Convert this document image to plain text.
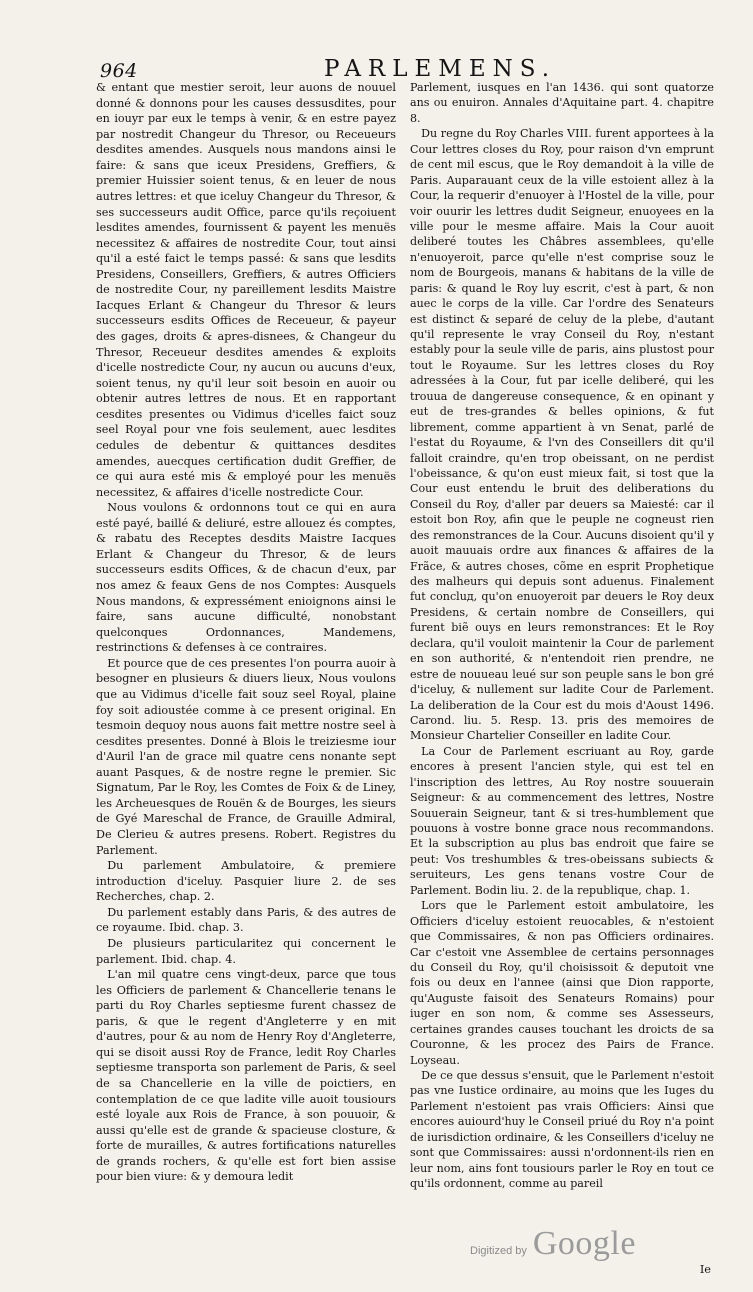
964	PARLEMENS.

& entant que mestier seroit, leur auons de nouuel donné & donnons pour les causes dessusdites, pour en iouyr par eux le temps à venir, & en estre payez par nostredit Changeur du Thresor, ou Receueurs desdites amendes. Ausquels nous mandons ainsi le faire: & sans que iceux Presidens, Greffiers, & premier Huissier soient tenus, & en leuer de nous autres lettres: et que iceluy Changeur du Thresor, & ses successeurs audit Office, parce qu'ils reçoiuent lesdites amendes, fournissent & payent les menuës necessitez & affaires de nostredite Cour, tout ainsi qu'il a esté faict le temps passé: & sans que lesdits Presidens, Conseillers, Greffiers, & autres Officiers de nostredite Cour, ny pareillement lesdits Maistre Iacques Erlant & Changeur du Thresor & leurs successeurs esdits Offices de Receueur, & payeur des gages, droits & apres-disnees, & Changeur du Thresor, Receueur desdites amendes & exploits d'icelle nostredicte Cour, ny aucun ou aucuns d'eux, soient tenus, ny qu'il leur soit besoin en auoir ou obtenir autres lettres de nous. Et en rapportant cesdites presentes ou Vidimus d'icelles faict souz seel Royal pour vne fois seulement, auec lesdites cedules de debentur & quittances desdites amendes, auecques certification dudit Greffier, de ce qui aura esté mis & employé pour les menuës necessitez, & affaires d'icelle nostredicte Cour.

Nous voulons & ordonnons tout ce qui en aura esté payé, baillé & deliuré, estre allouez és comptes, & rabatu des Receptes desdits Maistre Iacques Erlant & Changeur du Thresor, & de leurs successeurs esdits Offices, & de chacun d'eux, par nos amez & feaux Gens de nos Comptes: Ausquels Nous mandons, & expressément enioignons ainsi le faire, sans aucune difficulté, nonobstant quelconques Ordonnances, Mandemens, restrinctions & defenses à ce contraires.

Et pource que de ces presentes l'on pourra auoir à besogner en plusieurs & diuers lieux, Nous voulons que au Vidimus d'icelle fait souz seel Royal, plaine foy soit adioustée comme à ce present original. En tesmoin dequoy nous auons fait mettre nostre seel à cesdites presentes. Donné à Blois le treiziesme iour d'Auril l'an de grace mil quatre cens nonante sept auant Pasques, & de nostre regne le premier. Sic Signatum, Par le Roy, les Comtes de Foix & de Liney, les Archeuesques de Rouën & de Bourges, les sieurs de Gyé Mareschal de France, de Grauille Admiral, De Clerieu & autres presens. Robert. Registres du Parlement.

Du parlement Ambulatoire, & premiere introduction d'iceluy. Pasquier liure 2. de ses Recherches, chap. 2.

Du parlement estably dans Paris, & des autres de ce royaume. Ibid. chap. 3.

De plusieurs particularitez qui concernent le parlement. Ibid. chap. 4.

L'an mil quatre cens vingt-deux, parce que tous les Officiers de parlement & Chancellerie tenans le parti du Roy Charles septiesme furent chassez de paris, & que le regent d'Angleterre y en mit d'autres, pour & au nom de Henry Roy d'Angleterre, qui se disoit aussi Roy de France, ledit Roy Charles septiesme transporta son parlement de Paris, & seel de sa Chancellerie en la ville de poictiers, en contemplation de ce que ladite ville auoit tousiours esté loyale aux Rois de France, à son pouuoir, & aussi qu'elle est de grande & spacieuse closture, & forte de murailles, & autres fortifications naturelles de grands rochers, & qu'elle est fort bien assise pour bien viure: & y demoura ledit

Parlement, iusques en l'an 1436. qui sont quatorze ans ou enuiron. Annales d'Aquitaine part. 4. chapitre 8.

Du regne du Roy Charles VIII. furent apportees à la Cour lettres closes du Roy, pour raison d'vn emprunt de cent mil escus, que le Roy demandoit à la ville de Paris. Auparauant ceux de la ville estoient allez à la Cour, la requerir d'enuoyer à l'Hostel de la ville, pour voir ouurir les lettres dudit Seigneur, enuoyees en la ville pour le mesme affaire. Mais la Cour auoit deliberé toutes les Châbres assemblees, qu'elle n'enuoyeroit, parce qu'elle n'est comprise souz le nom de Bourgeois, manans & habitans de la ville de paris: & quand le Roy luy escrit, c'est à part, & non auec le corps de la ville. Car l'ordre des Senateurs est distinct & separé de celuy de la plebe, d'autant qu'il represente le vray Conseil du Roy, n'estant estably pour la seule ville de paris, ains plustost pour tout le Royaume. Sur les lettres closes du Roy adressées à la Cour, fut par icelle deliberé, qui les trouua de dangereuse consequence, & en opinant y eut de tres-grandes & belles opinions, & fut librement, comme appartient à vn Senat, parlé de l'estat du Royaume, & l'vn des Conseillers dit qu'il falloit craindre, qu'en trop obeissant, on ne perdist l'obeissance, & qu'on eust mieux fait, si tost que la Cour eust entendu le bruit des deliberations du Conseil du Roy, d'aller par deuers sa Maiesté: car il estoit bon Roy, afin que le peuple ne cogneust rien des remonstrances de la Cour. Aucuns disoient qu'il y auoit mauuais ordre aux finances & affaires de la Frãce, & autres choses, cõme en esprit Prophetique des malheurs qui depuis sont aduenus. Finalement fut concluд, qu'on enuoyeroit par deuers le Roy deux Presidens, & certain nombre de Conseillers, qui furent biẽ ouys en leurs remonstrances: Et le Roy declara, qu'il vouloit maintenir la Cour de parlement en son authorité, & n'entendoit rien prendre, ne estre de nouueau leué sur son peuple sans le bon gré d'iceluy, & nullement sur ladite Cour de Parlement. La deliberation de la Cour est du mois d'Aoust 1496. Carond. liu. 5. Resp. 13. pris des memoires de Monsieur Chartelier Conseiller en ladite Cour.

La Cour de Parlement escriuant au Roy, garde encores à present l'ancien style, qui est tel en l'inscription des lettres, Au Roy nostre souuerain Seigneur: & au commencement des lettres, Nostre Souuerain Seigneur, tant & si tres-humblement que pouuons à vostre bonne grace nous recommandons. Et la subscription au plus bas endroit que faire se peut: Vos treshumbles & tres-obeissans subiects & seruiteurs, Les gens tenans vostre Cour de Parlement. Bodin liu. 2. de la republique, chap. 1.

Lors que le Parlement estoit ambulatoire, les Officiers d'iceluy estoient reuocables, & n'estoient que Commissaires, & non pas Officiers ordinaires. Car c'estoit vne Assemblee de certains personnages du Conseil du Roy, qu'il choisissoit & deputoit vne fois ou deux en l'annee (ainsi que Dion rapporte, qu'Auguste faisoit des Senateurs Romains) pour iuger en son nom, & comme ses Assesseurs, certaines grandes causes touchant les droicts de sa Couronne, & les procez des Pairs de France. Loyseau.

De ce que dessus s'ensuit, que le Parlement n'estoit pas vne Iustice ordinaire, au moins que les Iuges du Parlement n'estoient pas vrais Officiers: Ainsi que encores auiourd'huy le Conseil priué du Roy n'a point de iurisdiction ordinaire, & les Conseillers d'iceluy ne sont que Commissaires: aussi n'ordonnent-ils rien en leur nom, ains font tousiours parler le Roy en tout ce qu'ils ordonnent, comme au pareil

Ie
Digitized by Google
